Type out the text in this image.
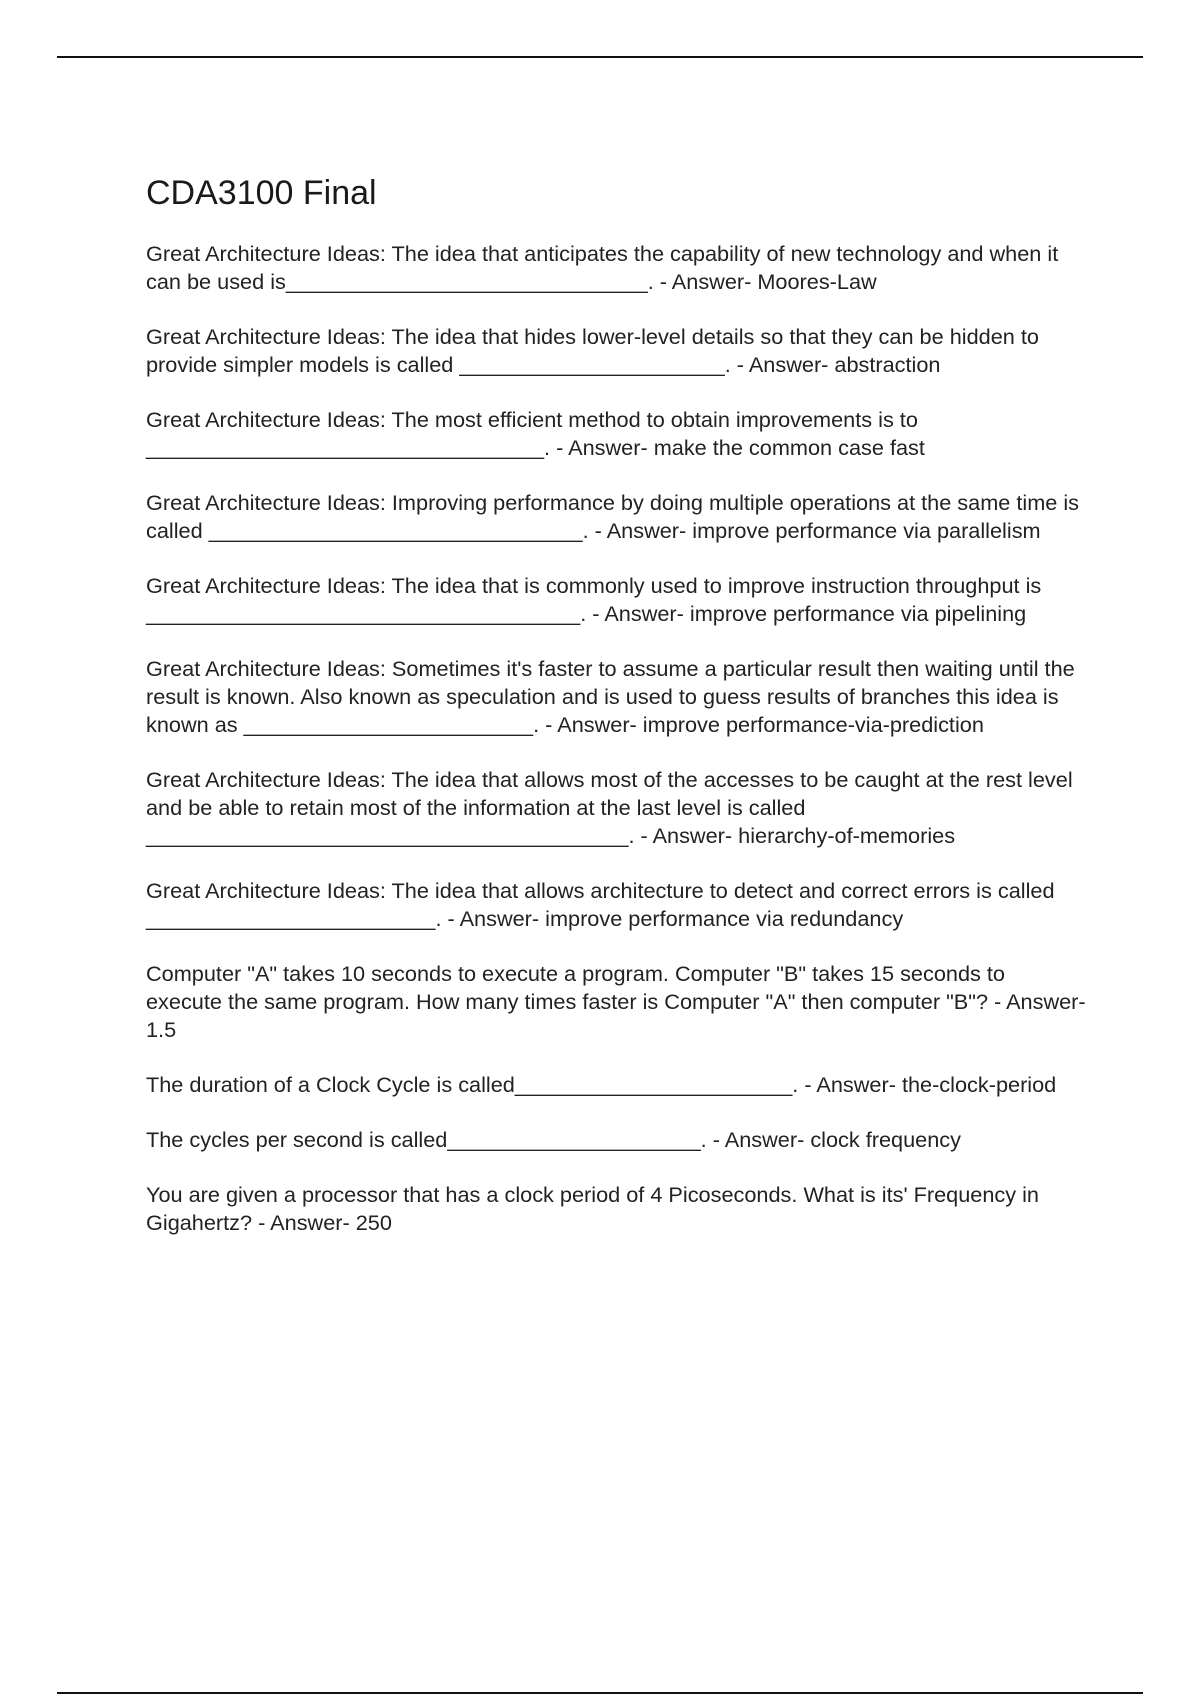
CDA3100 Final

Great Architecture Ideas: The idea that anticipates the capability of new technology and when it can be used is______________________________. - Answer- Moores-Law

Great Architecture Ideas: The idea that hides lower-level details so that they can be hidden to provide simpler models is called ______________________. - Answer- abstraction

Great Architecture Ideas: The most efficient method to obtain improvements is to _________________________________. - Answer- make the common case fast

Great Architecture Ideas: Improving performance by doing multiple operations at the same time is called _______________________________. - Answer- improve performance via parallelism

Great Architecture Ideas: The idea that is commonly used to improve instruction throughput is ____________________________________. - Answer- improve performance via pipelining

Great Architecture Ideas: Sometimes it's faster to assume a particular result then waiting until the result is known. Also known as speculation and is used to guess results of branches this idea is known as ________________________. - Answer- improve performance-via-prediction

Great Architecture Ideas: The idea that allows most of the accesses to be caught at the rest level and be able to retain most of the information at the last level is called ________________________________________. - Answer- hierarchy-of-memories

Great Architecture Ideas: The idea that allows architecture to detect and correct errors is called ________________________. - Answer- improve performance via redundancy

Computer "A" takes 10 seconds to execute a program. Computer "B" takes 15 seconds to execute the same program. How many times faster is Computer "A" then computer "B"? - Answer- 1.5

The duration of a Clock Cycle is called_______________________. - Answer- the-clock-period

The cycles per second is called_____________________. - Answer- clock frequency

You are given a processor that has a clock period of 4 Picoseconds. What is its' Frequency in Gigahertz? - Answer- 250
